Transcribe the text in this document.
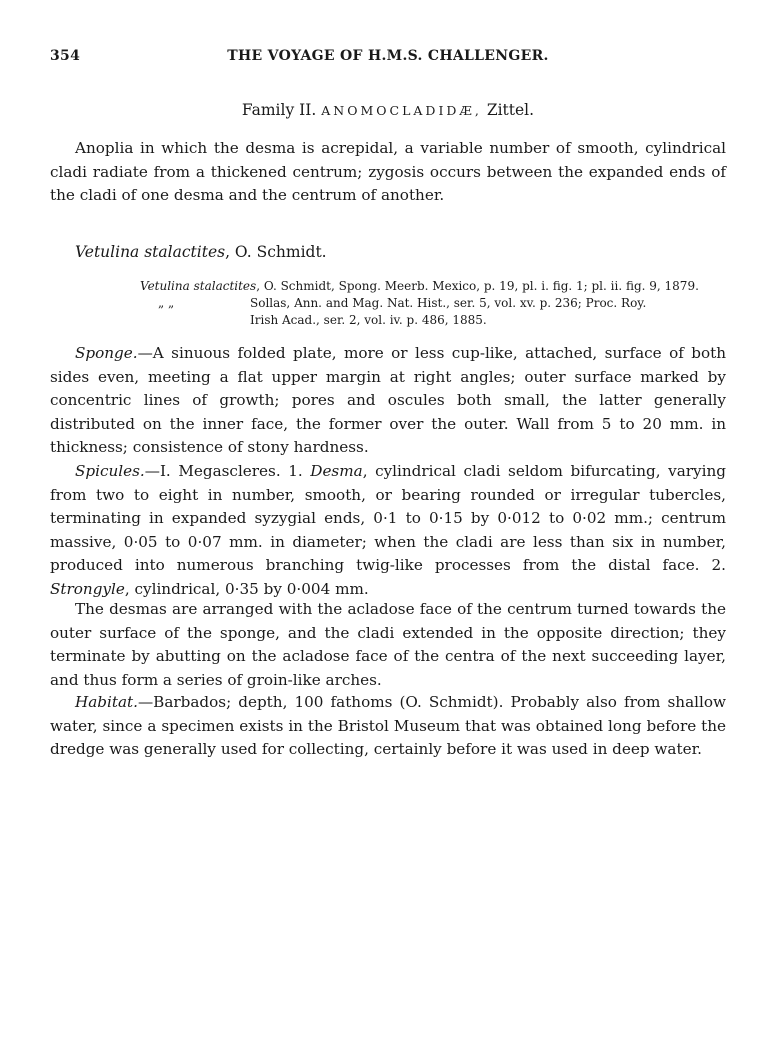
354	THE VOYAGE OF H.M.S. CHALLENGER.
Family II. ANOMOCLADIDÆ, Zittel.

Anoplia in which the desma is acrepidal, a variable number of smooth, cylindrical cladi radiate from a thickened centrum; zygosis occurs between the expanded ends of the cladi of one desma and the centrum of another.

Vetulina stalactites, O. Schmidt.
Vetulina stalactites, O. Schmidt, Spong. Meerb. Mexico, p. 19, pl. i. fig. 1; pl. ii. fig. 9, 1879.
„ „	Sollas, Ann. and Mag. Nat. Hist., ser. 5, vol. xv. p. 236; Proc. Roy.
Irish Acad., ser. 2, vol. iv. p. 486, 1885.

Sponge.—A sinuous folded plate, more or less cup-like, attached, surface of both sides even, meeting a flat upper margin at right angles; outer surface marked by concentric lines of growth; pores and oscules both small, the latter generally distributed on the inner face, the former over the outer. Wall from 5 to 20 mm. in thickness; consistence of stony hardness.

Spicules.—I. Megascleres. 1. Desma, cylindrical cladi seldom bifurcating, varying from two to eight in number, smooth, or bearing rounded or irregular tubercles, terminating in expanded syzygial ends, 0·1 to 0·15 by 0·012 to 0·02 mm.; centrum massive, 0·05 to 0·07 mm. in diameter; when the cladi are less than six in number, produced into numerous branching twig-like processes from the distal face. 2. Strongyle, cylindrical, 0·35 by 0·004 mm.

The desmas are arranged with the acladose face of the centrum turned towards the outer surface of the sponge, and the cladi extended in the opposite direction; they terminate by abutting on the acladose face of the centra of the next succeeding layer, and thus form a series of groin-like arches.

Habitat.—Barbados; depth, 100 fathoms (O. Schmidt). Probably also from shallow water, since a specimen exists in the Bristol Museum that was obtained long before the dredge was generally used for collecting, certainly before it was used in deep water.
